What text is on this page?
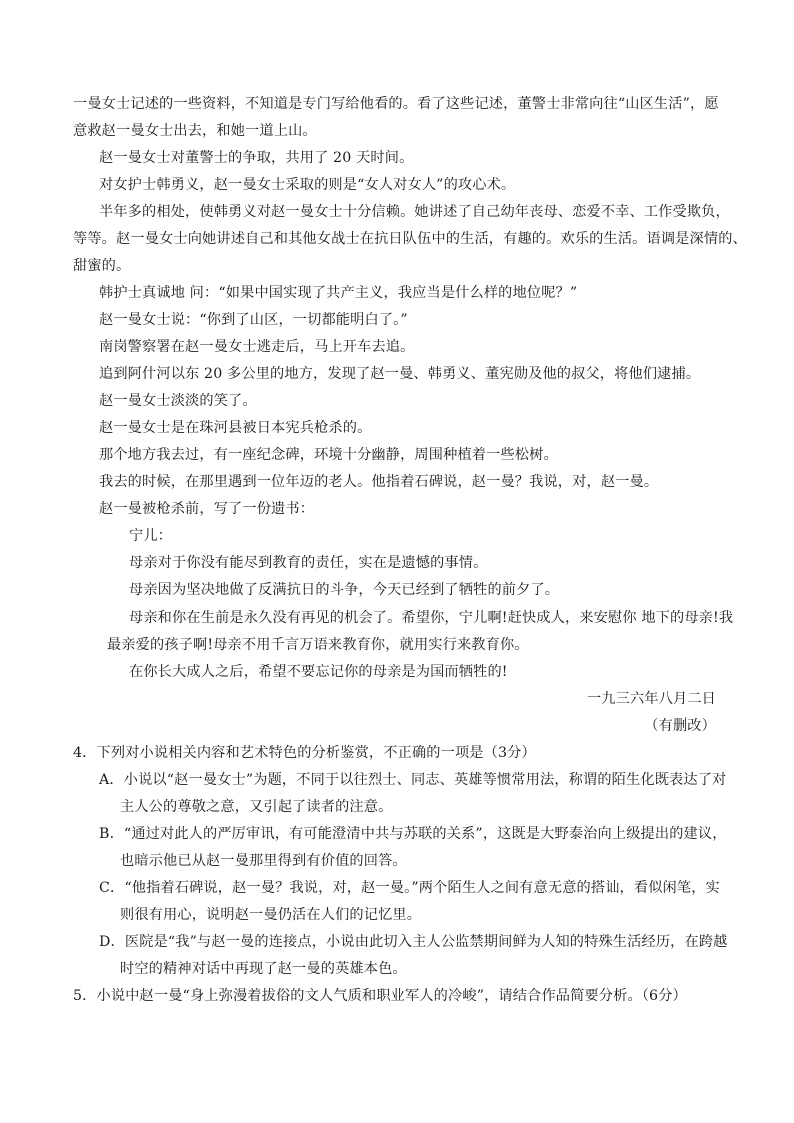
一曼女士记述的一些资料，不知道是专门写给他看的。看了这些记述，董警士非常向往“山区生活”，愿
意救赵一曼女士出去，和她一道上山。
赵一曼女士对董警士的争取，共用了 20 天时间。
对女护士韩勇义，赵一曼女士采取的则是“女人对女人”的攻心术。
半年多的相处，使韩勇义对赵一曼女士十分信赖。她讲述了自己幼年丧母、恋爱不幸、工作受欺负，
等等。赵一曼女士向她讲述自己和其他女战士在抗日队伍中的生活，有趣的。欢乐的生活。语调是深情的、
甜蜜的。
韩护士真诚地 问：“如果中国实现了共产主义，我应当是什么样的地位呢？”
赵一曼女士说：“你到了山区，一切都能明白了。”
南岗警察署在赵一曼女士逃走后，马上开车去追。
追到阿什河以东 20 多公里的地方，发现了赵一曼、韩勇义、董宪勋及他的叔父，将他们逮捕。
赵一曼女士淡淡的笑了。
赵一曼女士是在珠河县被日本宪兵枪杀的。
那个地方我去过，有一座纪念碑，环境十分幽静，周围种植着一些松树。
我去的时候，在那里遇到一位年迈的老人。他指着石碑说，赵一曼？我说，对，赵一曼。
赵一曼被枪杀前，写了一份遗书：
宁儿：
母亲对于你没有能尽到教育的责任，实在是遗憾的事情。
母亲因为坚决地做了反满抗日的斗争，今天已经到了牺牲的前夕了。
母亲和你在生前是永久没有再见的机会了。希望你，宁儿啊!赶快成人，来安慰你 地下的母亲!我
最亲爱的孩子啊!母亲不用千言万语来教育你，就用实行来教育你。
在你长大成人之后，希望不要忘记你的母亲是为国而牺牲的!
一九三六年八月二日
（有删改）
4．下列对小说相关内容和艺术特色的分析鉴赏，不正确的一项是（3分）
A．小说以“赵一曼女士”为题，不同于以往烈士、同志、英雄等惯常用法，称谓的陌生化既表达了对
主人公的尊敬之意，又引起了读者的注意。
B．“通过对此人的严厉审讯，有可能澄清中共与苏联的关系”，这既是大野泰治向上级提出的建议，
也暗示他已从赵一曼那里得到有价值的回答。
C．“他指着石碑说，赵一曼？我说，对，赵一曼。”两个陌生人之间有意无意的搭讪，看似闲笔，实
则很有用心，说明赵一曼仍活在人们的记忆里。
D．医院是“我”与赵一曼的连接点，小说由此切入主人公监禁期间鲜为人知的特殊生活经历，在跨越
时空的精神对话中再现了赵一曼的英雄本色。
5．小说中赵一曼“身上弥漫着拔俗的文人气质和职业军人的冷峻”，请结合作品简要分析。（6分）
